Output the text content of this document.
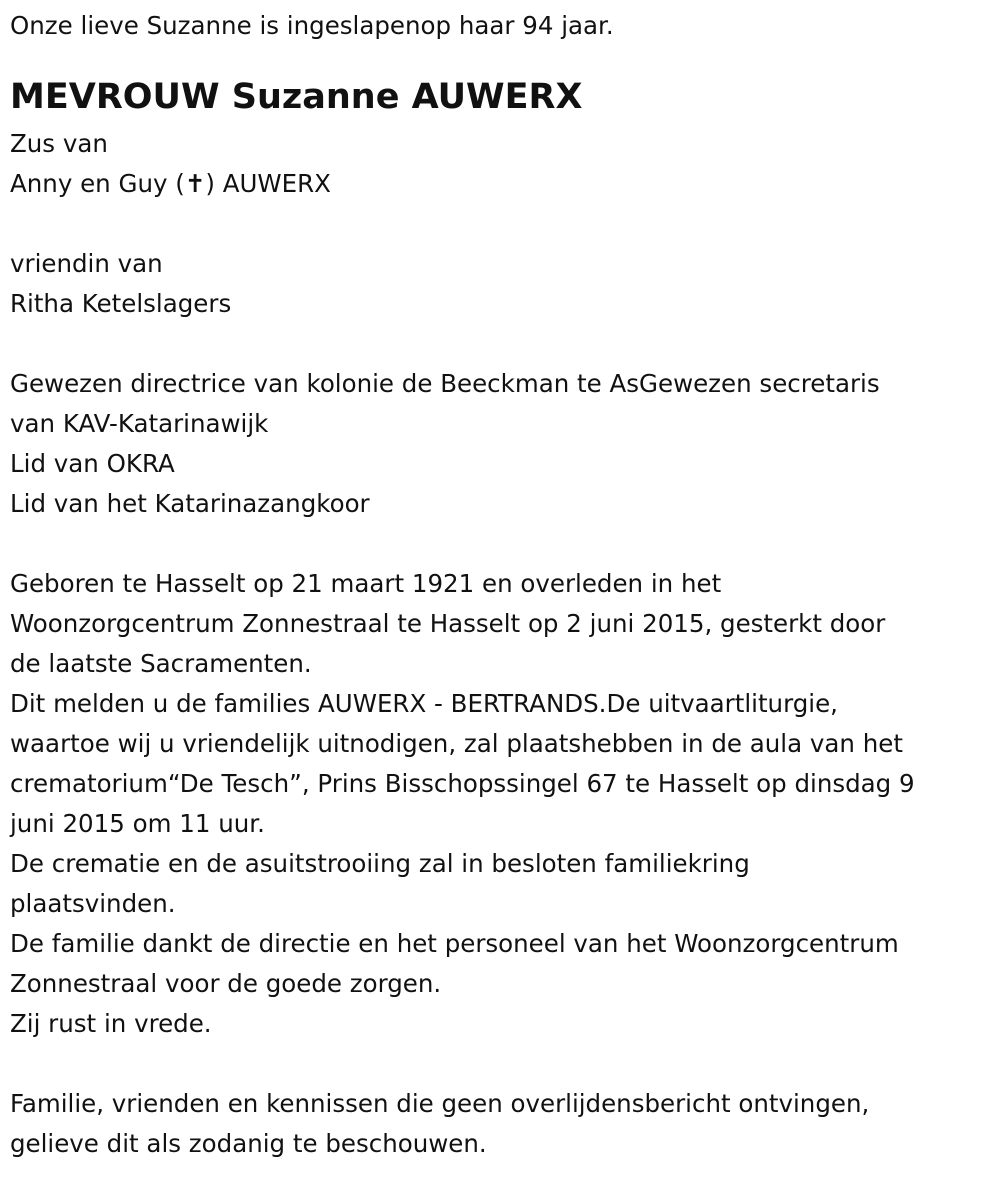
Onze lieve Suzanne is ingeslapenop haar 94 jaar.
MEVROUW Suzanne AUWERX
Zus van
Anny en Guy (✝) AUWERX
vriendin van
Ritha Ketelslagers
Gewezen directrice van kolonie de Beeckman te AsGewezen secretaris
van KAV-Katarinawijk
Lid van OKRA
Lid van het Katarinazangkoor
Geboren te Hasselt op 21 maart 1921 en overleden in het
Woonzorgcentrum Zonnestraal te Hasselt op 2 juni 2015, gesterkt door
de laatste Sacramenten.
Dit melden u de families AUWERX - BERTRANDS.De uitvaartliturgie,
waartoe wij u vriendelijk uitnodigen, zal plaatshebben in de aula van het
crematorium“De Tesch”, Prins Bisschopssingel 67 te Hasselt op dinsdag 9
juni 2015 om 11 uur.
De crematie en de asuitstrooiing zal in besloten familiekring
plaatsvinden.
De familie dankt de directie en het personeel van het Woonzorgcentrum
Zonnestraal voor de goede zorgen.
Zij rust in vrede.
Familie, vrienden en kennissen die geen overlijdensbericht ontvingen,
gelieve dit als zodanig te beschouwen.
